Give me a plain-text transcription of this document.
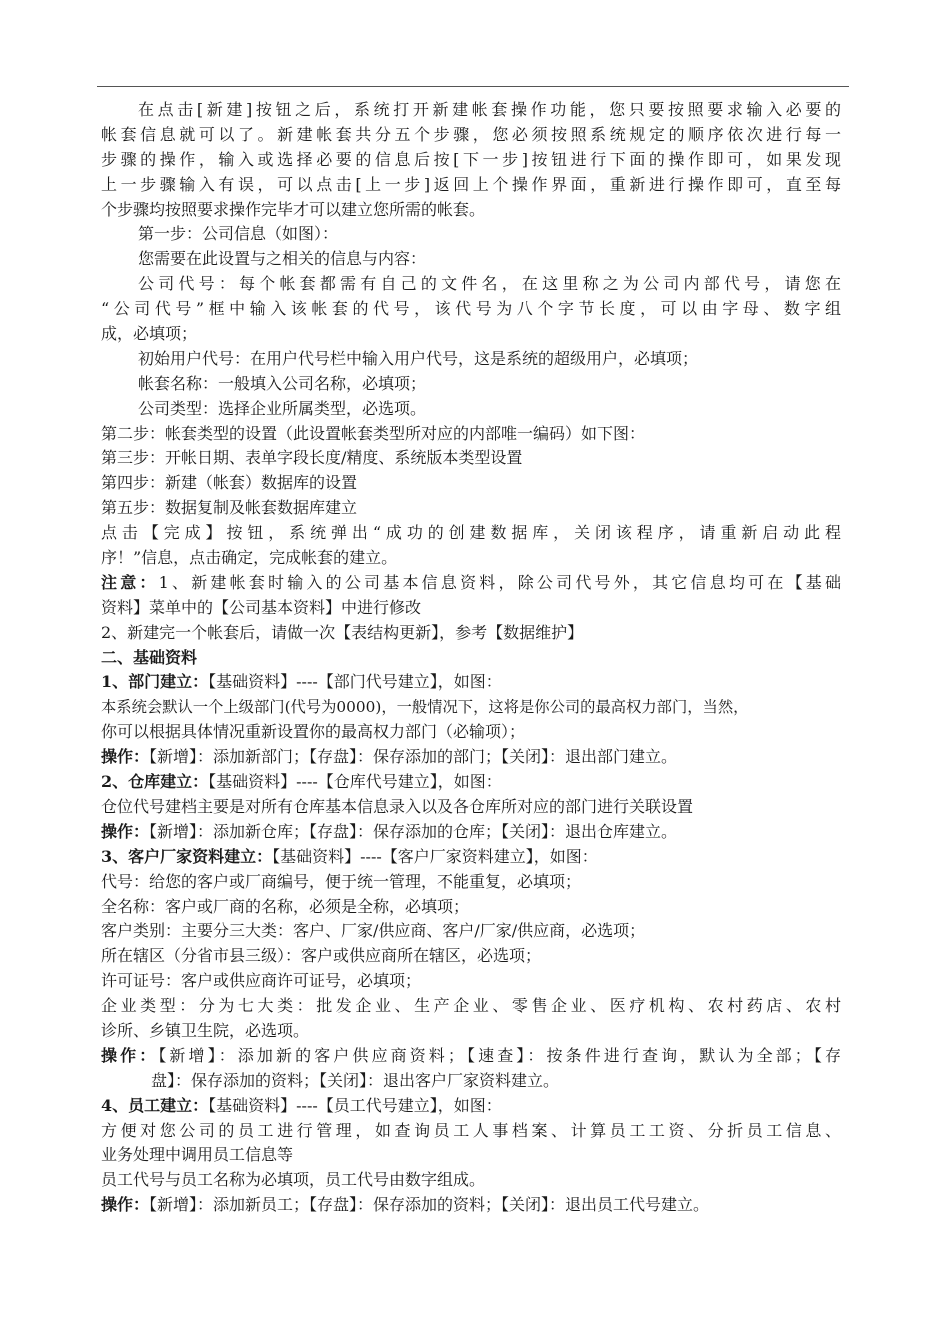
在点击[新建]按钮之后，系统打开新建帐套操作功能，您只要按照要求输入必要的
帐套信息就可以了。新建帐套共分五个步骤，您必须按照系统规定的顺序依次进行每一
步骤的操作，输入或选择必要的信息后按[下一步]按钮进行下面的操作即可，如果发现
上一步骤输入有误，可以点击[上一步]返回上个操作界面，重新进行操作即可，直至每
个步骤均按照要求操作完毕才可以建立您所需的帐套。
第一步：公司信息（如图）：
您需要在此设置与之相关的信息与内容：
公司代号：每个帐套都需有自己的文件名，在这里称之为公司内部代号，请您在
“公司代号”框中输入该帐套的代号，该代号为八个字节长度，可以由字母、数字组
成，必填项；
初始用户代号：在用户代号栏中输入用户代号，这是系统的超级用户，必填项；
帐套名称：一般填入公司名称，必填项；
公司类型：选择企业所属类型，必选项。
第二步：帐套类型的设置（此设置帐套类型所对应的内部唯一编码）如下图：
第三步：开帐日期、表单字段长度/精度、系统版本类型设置
第四步：新建（帐套）数据库的设置
第五步：数据复制及帐套数据库建立
点击【完成】按钮，系统弹出“成功的创建数据库，关闭该程序，请重新启动此程
序！”信息，点击确定，完成帐套的建立。
注意：1、新建帐套时输入的公司基本信息资料，除公司代号外，其它信息均可在【基础
资料】菜单中的【公司基本资料】中进行修改
2、新建完一个帐套后，请做一次【表结构更新】，参考【数据维护】
二、基础资料
1、部门建立：【基础资料】----【部门代号建立】，如图：
本系统会默认一个上级部门(代号为0000)，一般情况下，这将是你公司的最高权力部门，当然，
你可以根据具体情况重新设置你的最高权力部门（必输项）；
操作：【新增】：添加新部门；【存盘】：保存添加的部门；【关闭】：退出部门建立。
2、仓库建立：【基础资料】----【仓库代号建立】，如图：
仓位代号建档主要是对所有仓库基本信息录入以及各仓库所对应的部门进行关联设置
操作：【新增】：添加新仓库；【存盘】：保存添加的仓库；【关闭】：退出仓库建立。
3、客户厂家资料建立：【基础资料】----【客户厂家资料建立】，如图：
代号：给您的客户或厂商编号，便于统一管理，不能重复，必填项；
全名称：客户或厂商的名称，必须是全称，必填项；
客户类别：主要分三大类：客户、厂家/供应商、客户/厂家/供应商，必选项；
所在辖区（分省市县三级）：客户或供应商所在辖区，必选项；
许可证号：客户或供应商许可证号，必填项；
企业类型：分为七大类：批发企业、生产企业、零售企业、医疗机构、农村药店、农村
诊所、乡镇卫生院，必选项。
操作：【新增】：添加新的客户供应商资料；【速查】：按条件进行查询，默认为全部；【存
盘】：保存添加的资料；【关闭】：退出客户厂家资料建立。
4、员工建立：【基础资料】----【员工代号建立】，如图：
方便对您公司的员工进行管理，如查询员工人事档案、计算员工工资、分折员工信息、
业务处理中调用员工信息等
员工代号与员工名称为必填项，员工代号由数字组成。
操作：【新增】：添加新员工；【存盘】：保存添加的资料；【关闭】：退出员工代号建立。
